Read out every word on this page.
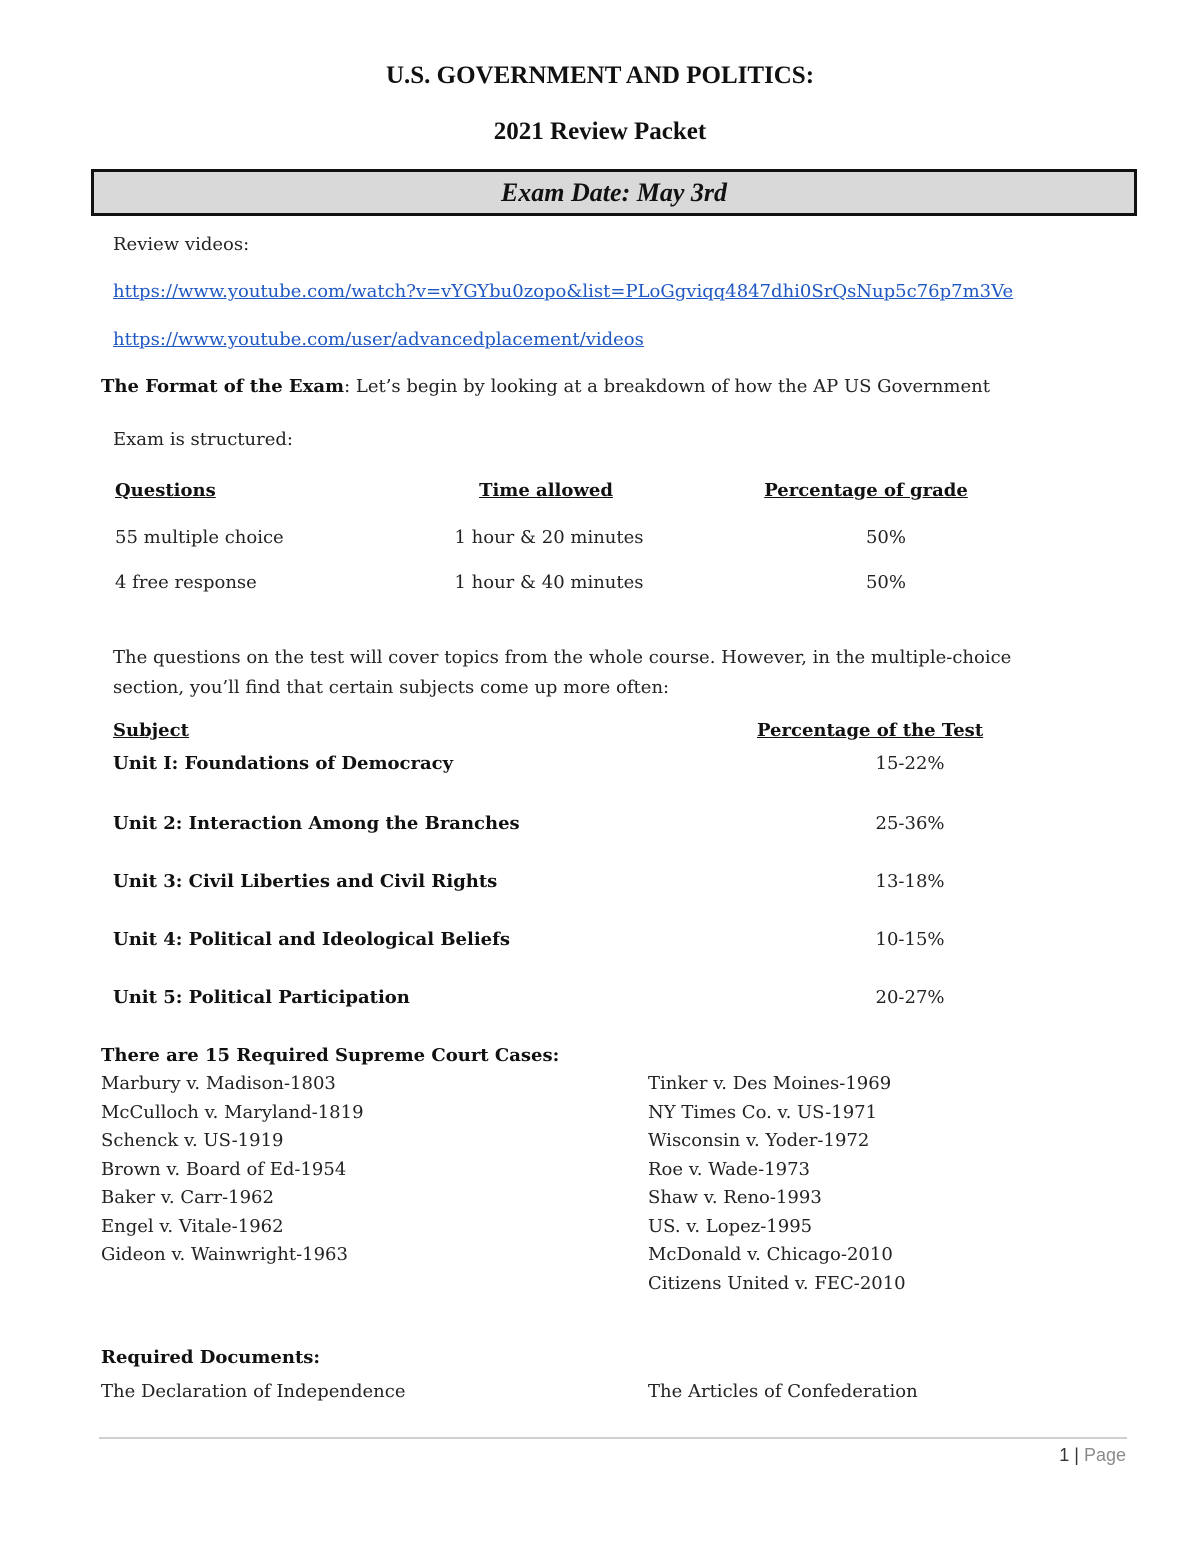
U.S. GOVERNMENT AND POLITICS:
2021 Review Packet
Exam Date: May 3rd
Review videos:
https://www.youtube.com/watch?v=vYGYbu0zopo&list=PLoGgviqq4847dhi0SrQsNup5c76p7m3Ve
https://www.youtube.com/user/advancedplacement/videos
The Format of the Exam: Let’s begin by looking at a breakdown of how the AP US Government
Exam is structured:
Questions	Time allowed	Percentage of grade
55 multiple choice	1 hour & 20 minutes	50%
4 free response	1 hour & 40 minutes	50%
The questions on the test will cover topics from the whole course. However, in the multiple-choice
section, you’ll find that certain subjects come up more often:
Subject	Percentage of the Test
Unit I: Foundations of Democracy	15-22%
Unit 2: Interaction Among the Branches	25-36%
Unit 3: Civil Liberties and Civil Rights	13-18%
Unit 4: Political and Ideological Beliefs	10-15%
Unit 5: Political Participation	20-27%
There are 15 Required Supreme Court Cases:
Marbury v. Madison-1803
McCulloch v. Maryland-1819
Schenck v. US-1919
Brown v. Board of Ed-1954
Baker v. Carr-1962
Engel v. Vitale-1962
Gideon v. Wainwright-1963
Tinker v. Des Moines-1969
NY Times Co. v. US-1971
Wisconsin v. Yoder-1972
Roe v. Wade-1973
Shaw v. Reno-1993
US. v. Lopez-1995
McDonald v. Chicago-2010
Citizens United v. FEC-2010
Required Documents:
The Declaration of Independence	The Articles of Confederation
1 | Page
